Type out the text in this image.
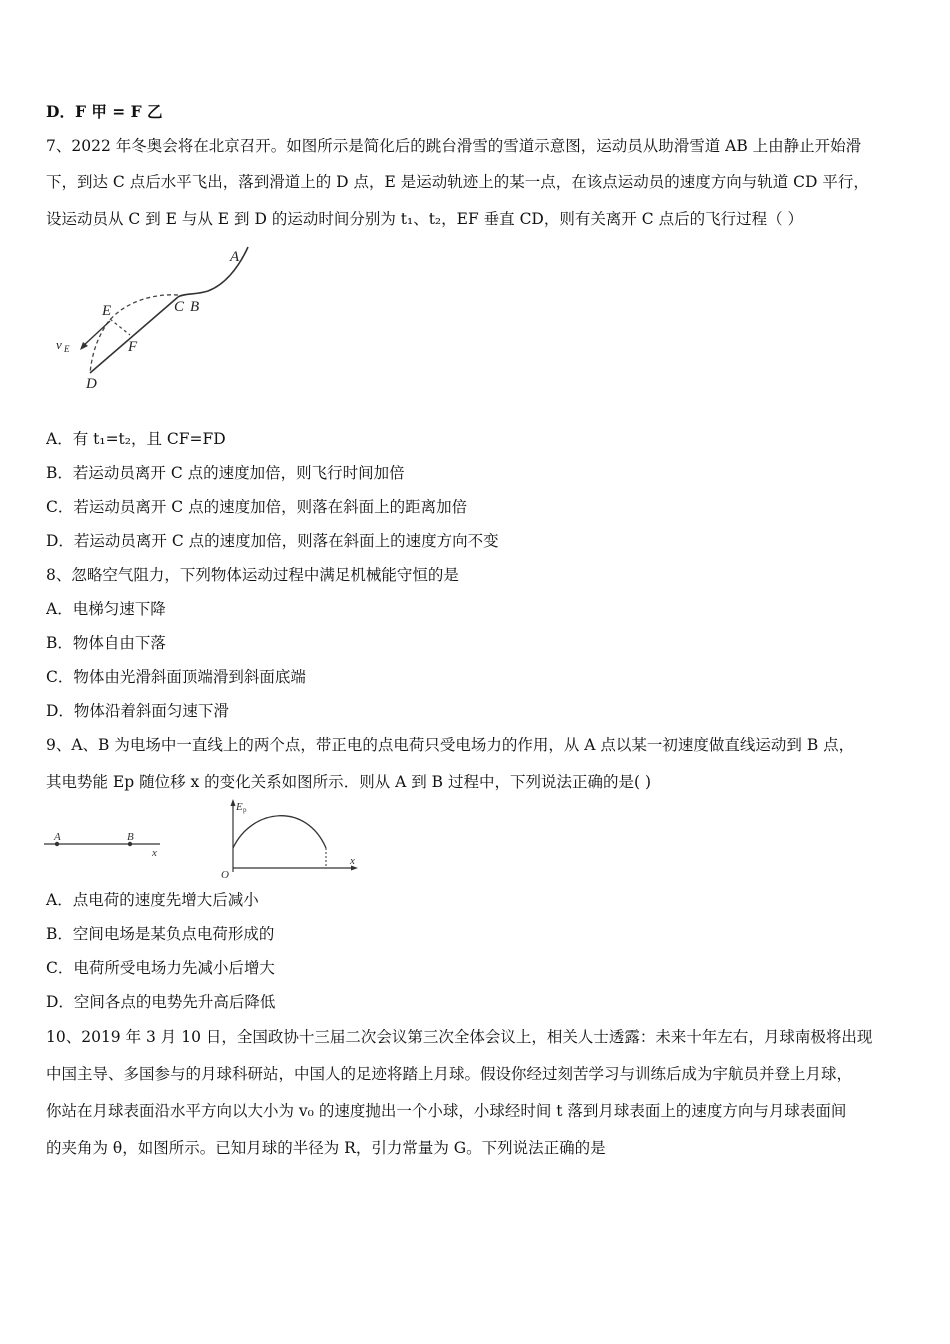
D．F 甲 = F 乙
7、2022 年冬奥会将在北京召开。如图所示是简化后的跳台滑雪的雪道示意图，运动员从助滑雪道 AB 上由静止开始滑
下，到达 C 点后水平飞出，落到滑道上的 D 点，E 是运动轨迹上的某一点，在该点运动员的速度方向与轨道 CD 平行，
设运动员从 C 到 E 与从 E 到 D 的运动时间分别为 t₁、t₂，EF 垂直 CD，则有关离开 C 点后的飞行过程（ ）
A
C B
E
F
D
v E
A．有 t₁=t₂，且 CF=FD
B．若运动员离开 C 点的速度加倍，则飞行时间加倍
C．若运动员离开 C 点的速度加倍，则落在斜面上的距离加倍
D．若运动员离开 C 点的速度加倍，则落在斜面上的速度方向不变
8、忽略空气阻力，下列物体运动过程中满足机械能守恒的是
A．电梯匀速下降
B．物体自由下落
C．物体由光滑斜面顶端滑到斜面底端
D．物体沿着斜面匀速下滑
9、A、B 为电场中一直线上的两个点，带正电的点电荷只受电场力的作用，从 A 点以某一初速度做直线运动到 B 点，
其电势能 Ep 随位移 x 的变化关系如图所示．则从 A 到 B 过程中，下列说法正确的是( )
A	B
x
E p
O
x
A．点电荷的速度先增大后减小
B．空间电场是某负点电荷形成的
C．电荷所受电场力先减小后增大
D．空间各点的电势先升高后降低
10、2019 年 3 月 10 日，全国政协十三届二次会议第三次全体会议上，相关人士透露：未来十年左右，月球南极将出现
中国主导、多国参与的月球科研站，中国人的足迹将踏上月球。假设你经过刻苦学习与训练后成为宇航员并登上月球，
你站在月球表面沿水平方向以大小为 v₀ 的速度抛出一个小球，小球经时间 t 落到月球表面上的速度方向与月球表面间
的夹角为 θ，如图所示。已知月球的半径为 R，引力常量为 G。下列说法正确的是
